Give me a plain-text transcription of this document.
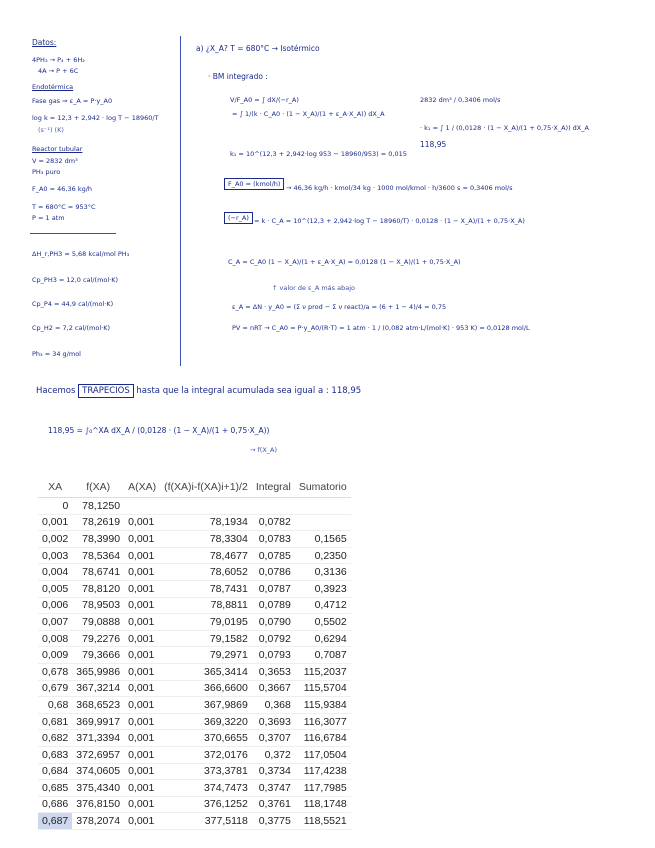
Datos:
4PH₃ → P₄ + 6H₂
4A → P + 6C
Endotérmica
Fase gas ⇒ ε_A = P·y_A0
log k = 12,3 + 2,942 · log T − 18960/T
(s⁻¹) (K)
Reactor tubular
V = 2832 dm³
PH₃ puro
F_A0 = 46,36 kg/h
T = 680°C = 953°C
P = 1 atm
ΔH_r,PH3 = 5,68 kcal/mol PH₃
Cp_PH3 = 12,0 cal/(mol·K)
Cp_P4 = 44,9 cal/(mol·K)
Cp_H2 = 7,2 cal/(mol·K)
Ph₃ = 34 g/mol
a) ¿X_A? T = 680°C → Isotérmico
· BM integrado :
V/F_A0 = ∫ dX/(−r_A)
= ∫ 1/(k · C_A0 · (1 − X_A)/(1 + ε_A·X_A)) dX_A
2832 dm³ / 0,3406 mol/s
· k₁ = ∫ 1 / (0,0128 · (1 − X_A)/(1 + 0,75·X_A)) dX_A
k₁ = 10^(12,3 + 2,942·log 953 − 18960/953) = 0,015
118,95
F_A0 = (kmol/h) → 46,36 kg/h · kmol/34 kg · 1000 mol/kmol · h/3600 s = 0,3406 mol/s
(−r_A) = k · C_A = 10^(12,3 + 2,942·log T − 18960/T) · 0,0128 · (1 − X_A)/(1 + 0,75·X_A)
C_A = C_A0 (1 − X_A)/(1 + ε_A·X_A) = 0,0128 (1 − X_A)/(1 + 0,75·X_A)
↑ valor de ε_A más abajo
ε_A = ΔN · y_A0 = (Σ ν prod − Σ ν react)/a = (6 + 1 − 4)/4 = 0,75
PV = nRT → C_A0 = P·y_A0/(R·T) = 1 atm · 1 / (0,082 atm·L/(mol·K) · 953 K) = 0,0128 mol/L
Hacemos TRAPECIOS hasta que la integral acumulada sea igual a : 118,95
118,95 = ∫₀^XA dX_A / (0,0128 · (1 − X_A)/(1 + 0,75·X_A))
→ f(X_A)
XA	f(XA)	A(XA)	(f(XA)i-f(XA)i+1)/2	Integral	Sumatorio
0	78,1250				
0,001	78,2619	0,001	78,1934	0,0782	
0,002	78,3990	0,001	78,3304	0,0783	0,1565
0,003	78,5364	0,001	78,4677	0,0785	0,2350
0,004	78,6741	0,001	78,6052	0,0786	0,3136
0,005	78,8120	0,001	78,7431	0,0787	0,3923
0,006	78,9503	0,001	78,8811	0,0789	0,4712
0,007	79,0888	0,001	79,0195	0,0790	0,5502
0,008	79,2276	0,001	79,1582	0,0792	0,6294
0,009	79,3666	0,001	79,2971	0,0793	0,7087
0,678	365,9986	0,001	365,3414	0,3653	115,2037
0,679	367,3214	0,001	366,6600	0,3667	115,5704
0,68	368,6523	0,001	367,9869	0,368	115,9384
0,681	369,9917	0,001	369,3220	0,3693	116,3077
0,682	371,3394	0,001	370,6655	0,3707	116,6784
0,683	372,6957	0,001	372,0176	0,372	117,0504
0,684	374,0605	0,001	373,3781	0,3734	117,4238
0,685	375,4340	0,001	374,7473	0,3747	117,7985
0,686	376,8150	0,001	376,1252	0,3761	118,1748
0,687	378,2074	0,001	377,5118	0,3775	118,5521
